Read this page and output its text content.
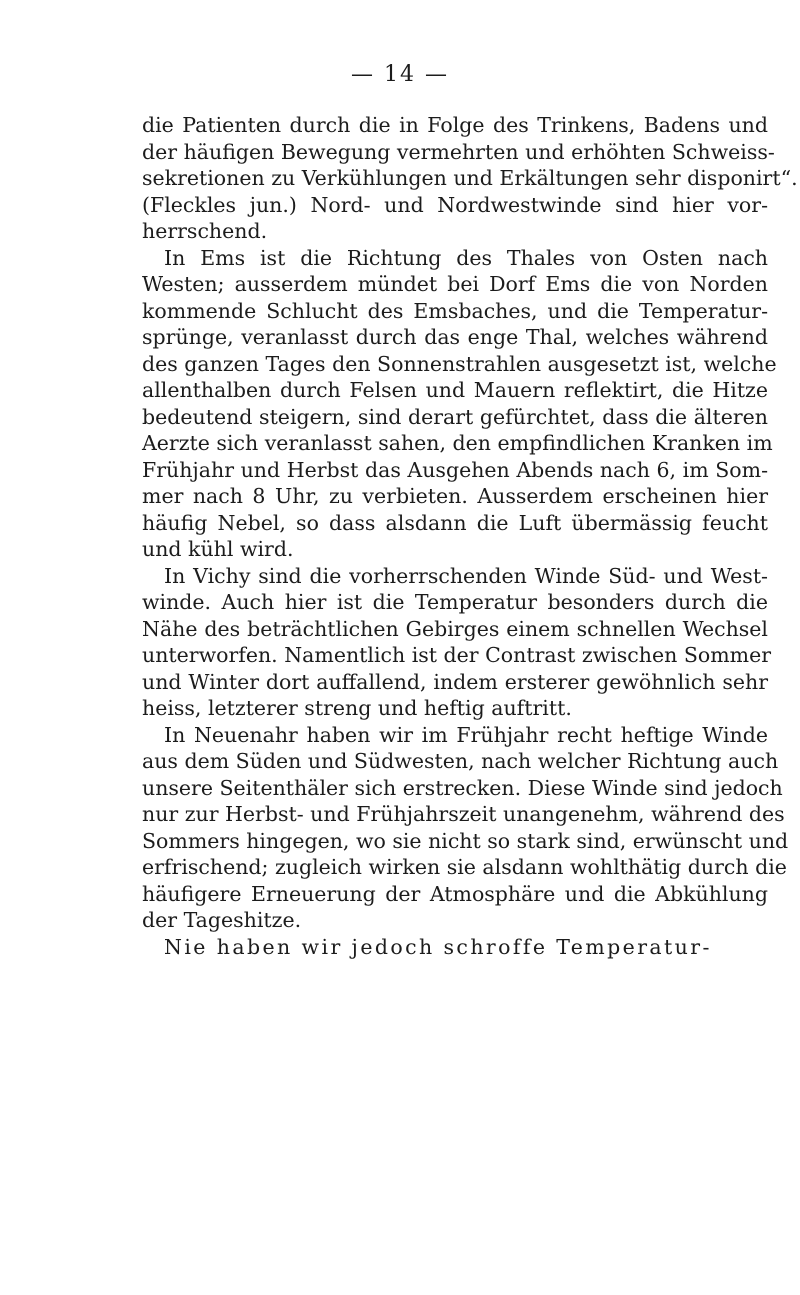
— 14 —
die Patienten durch die in Folge des Trinkens, Badens und
der häufigen Bewegung vermehrten und erhöhten Schweiss-
sekretionen zu Verkühlungen und Erkältungen sehr disponirt“.
(Fleckles jun.) Nord- und Nordwestwinde sind hier vor-
herrschend.
In Ems ist die Richtung des Thales von Osten nach
Westen; ausserdem mündet bei Dorf Ems die von Norden
kommende Schlucht des Emsbaches, und die Temperatur-
sprünge, veranlasst durch das enge Thal, welches während
des ganzen Tages den Sonnenstrahlen ausgesetzt ist, welche
allenthalben durch Felsen und Mauern reflektirt, die Hitze
bedeutend steigern, sind derart gefürchtet, dass die älteren
Aerzte sich veranlasst sahen, den empfindlichen Kranken im
Frühjahr und Herbst das Ausgehen Abends nach 6, im Som-
mer nach 8 Uhr, zu verbieten. Ausserdem erscheinen hier
häufig Nebel, so dass alsdann die Luft übermässig feucht
und kühl wird.
In Vichy sind die vorherrschenden Winde Süd- und West-
winde. Auch hier ist die Temperatur besonders durch die
Nähe des beträchtlichen Gebirges einem schnellen Wechsel
unterworfen. Namentlich ist der Contrast zwischen Sommer
und Winter dort auffallend, indem ersterer gewöhnlich sehr
heiss, letzterer streng und heftig auftritt.
In Neuenahr haben wir im Frühjahr recht heftige Winde
aus dem Süden und Südwesten, nach welcher Richtung auch
unsere Seitenthäler sich erstrecken. Diese Winde sind jedoch
nur zur Herbst- und Frühjahrszeit unangenehm, während des
Sommers hingegen, wo sie nicht so stark sind, erwünscht und
erfrischend; zugleich wirken sie alsdann wohlthätig durch die
häufigere Erneuerung der Atmosphäre und die Abkühlung
der Tageshitze.
Nie haben wir jedoch schroffe Temperatur-
